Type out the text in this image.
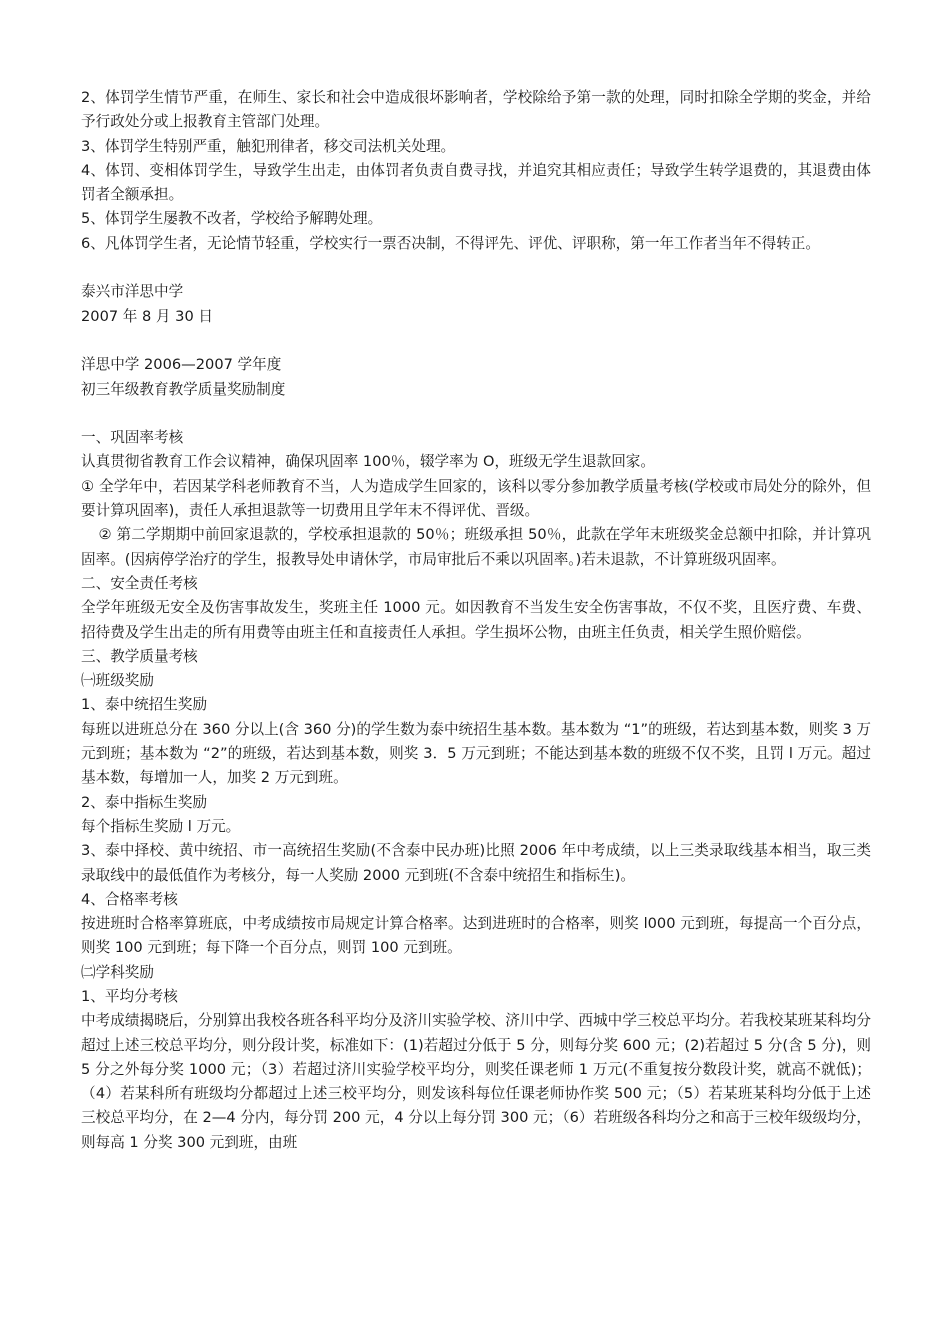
2、体罚学生情节严重，在师生、家长和社会中造成很坏影响者，学校除给予第一款的处理，同时扣除全学期的奖金，并给予行政处分或上报教育主管部门处理。

3、体罚学生特别严重，触犯刑律者，移交司法机关处理。

4、体罚、变相体罚学生，导致学生出走，由体罚者负责自费寻找，并追究其相应责任；导致学生转学退费的，其退费由体罚者全额承担。

5、体罚学生屡教不改者，学校给予解聘处理。

6、凡体罚学生者，无论情节轻重，学校实行一票否决制，不得评先、评优、评职称，第一年工作者当年不得转正。

泰兴市洋思中学

2007 年 8 月 30 日

洋思中学 2006—2007 学年度

初三年级教育教学质量奖励制度

一、巩固率考核

认真贯彻省教育工作会议精神，确保巩固率 100％，辍学率为 O，班级无学生退款回家。

① 全学年中，若因某学科老师教育不当，人为造成学生回家的，该科以零分参加教学质量考核(学校或市局处分的除外，但要计算巩固率)，责任人承担退款等一切费用且学年末不得评优、晋级。

② 第二学期期中前回家退款的，学校承担退款的 50％；班级承担 50％，此款在学年末班级奖金总额中扣除，并计算巩固率。(因病停学治疗的学生，报教导处申请休学，市局审批后不乘以巩固率。)若未退款，不计算班级巩固率。

二、安全责任考核

全学年班级无安全及伤害事故发生，奖班主任 1000 元。如因教育不当发生安全伤害事故，不仅不奖，且医疗费、车费、招待费及学生出走的所有用费等由班主任和直接责任人承担。学生损坏公物，由班主任负责，相关学生照价赔偿。

三、教学质量考核

㈠班级奖励

1、泰中统招生奖励

每班以进班总分在 360 分以上(含 360 分)的学生数为泰中统招生基本数。基本数为 “1”的班级，若达到基本数，则奖 3 万元到班；基本数为 “2”的班级，若达到基本数，则奖 3．5 万元到班；不能达到基本数的班级不仅不奖，且罚 l 万元。超过基本数，每增加一人，加奖 2 万元到班。

2、泰中指标生奖励

每个指标生奖励 l 万元。

3、泰中择校、黄中统招、市一高统招生奖励(不含泰中民办班)比照 2006 年中考成绩，以上三类录取线基本相当，取三类录取线中的最低值作为考核分，每一人奖励 2000 元到班(不含泰中统招生和指标生)。

4、合格率考核

按进班时合格率算班底，中考成绩按市局规定计算合格率。达到进班时的合格率，则奖 l000 元到班，每提高一个百分点，则奖 100 元到班；每下降一个百分点，则罚 100 元到班。

㈡学科奖励

1、平均分考核

中考成绩揭晓后，分别算出我校各班各科平均分及济川实验学校、济川中学、西城中学三校总平均分。若我校某班某科均分超过上述三校总平均分，则分段计奖，标准如下：(1)若超过分低于 5 分，则每分奖 600 元；(2)若超过 5 分(含 5 分)，则 5 分之外每分奖 1000 元；（3）若超过济川实验学校平均分，则奖任课老师 1 万元(不重复按分数段计奖，就高不就低)；（4）若某科所有班级均分都超过上述三校平均分，则发该科每位任课老师协作奖 500 元；（5）若某班某科均分低于上述三校总平均分，在 2—4 分内，每分罚 200 元，4 分以上每分罚 300 元；（6）若班级各科均分之和高于三校年级级均分，则每高 1 分奖 300 元到班，由班
